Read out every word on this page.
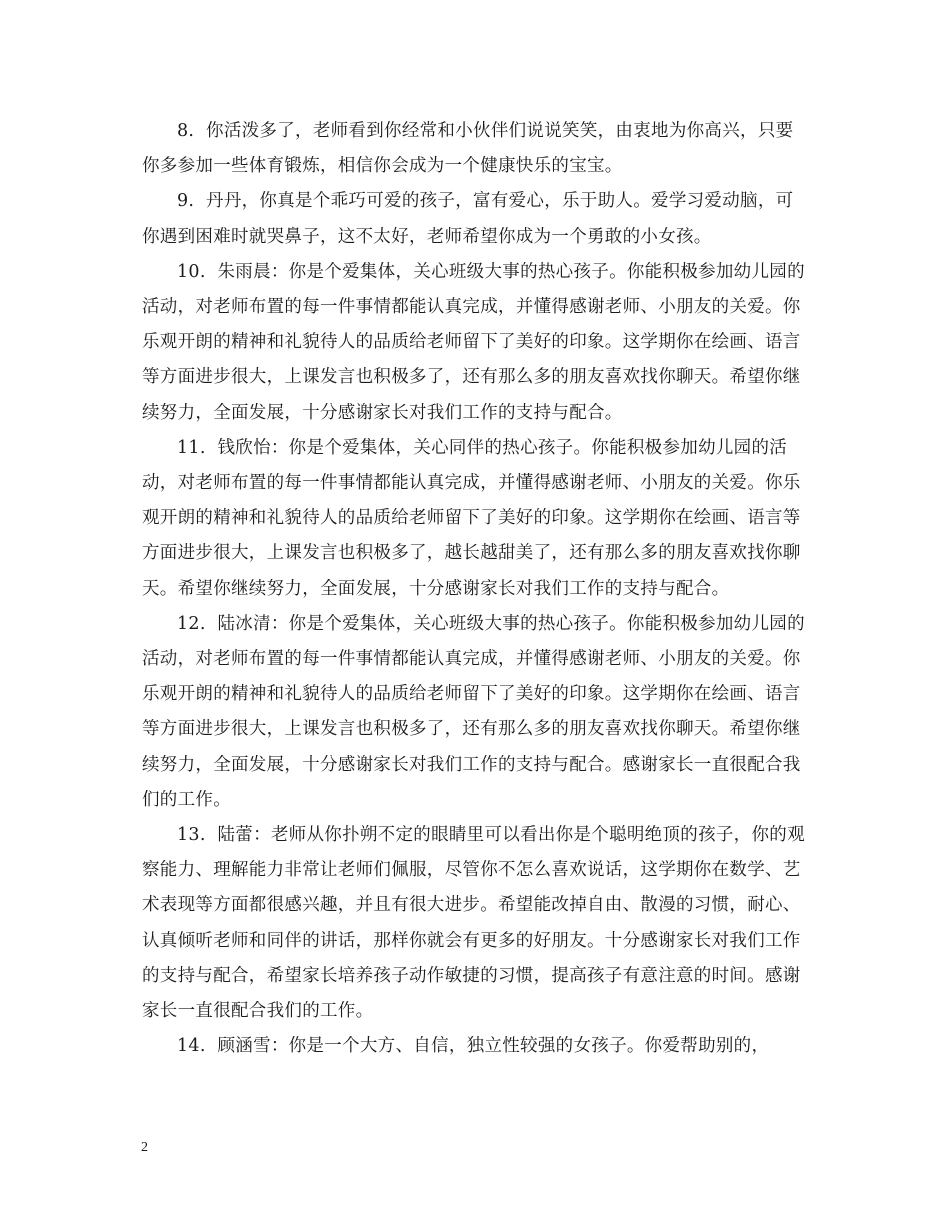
8. 你活泼多了，老师看到你经常和小伙伴们说说笑笑，由衷地为你高兴，只要你多参加一些体育锻炼，相信你会成为一个健康快乐的宝宝。

9. 丹丹，你真是个乖巧可爱的孩子，富有爱心，乐于助人。爱学习爱动脑，可你遇到困难时就哭鼻子，这不太好，老师希望你成为一个勇敢的小女孩。

10. 朱雨晨：你是个爱集体，关心班级大事的热心孩子。你能积极参加幼儿园的活动，对老师布置的每一件事情都能认真完成，并懂得感谢老师、小朋友的关爱。你乐观开朗的精神和礼貌待人的品质给老师留下了美好的印象。这学期你在绘画、语言等方面进步很大，上课发言也积极多了，还有那么多的朋友喜欢找你聊天。希望你继续努力，全面发展，十分感谢家长对我们工作的支持与配合。

11. 钱欣怡：你是个爱集体，关心同伴的热心孩子。你能积极参加幼儿园的活动，对老师布置的每一件事情都能认真完成，并懂得感谢老师、小朋友的关爱。你乐观开朗的精神和礼貌待人的品质给老师留下了美好的印象。这学期你在绘画、语言等方面进步很大，上课发言也积极多了，越长越甜美了，还有那么多的朋友喜欢找你聊天。希望你继续努力，全面发展，十分感谢家长对我们工作的支持与配合。

12. 陆冰清：你是个爱集体，关心班级大事的热心孩子。你能积极参加幼儿园的活动，对老师布置的每一件事情都能认真完成，并懂得感谢老师、小朋友的关爱。你乐观开朗的精神和礼貌待人的品质给老师留下了美好的印象。这学期你在绘画、语言等方面进步很大，上课发言也积极多了，还有那么多的朋友喜欢找你聊天。希望你继续努力，全面发展，十分感谢家长对我们工作的支持与配合。感谢家长一直很配合我们的工作。

13. 陆蕾：老师从你扑朔不定的眼睛里可以看出你是个聪明绝顶的孩子，你的观察能力、理解能力非常让老师们佩服，尽管你不怎么喜欢说话，这学期你在数学、艺术表现等方面都很感兴趣，并且有很大进步。希望能改掉自由、散漫的习惯，耐心、认真倾听老师和同伴的讲话，那样你就会有更多的好朋友。十分感谢家长对我们工作的支持与配合，希望家长培养孩子动作敏捷的习惯，提高孩子有意注意的时间。感谢家长一直很配合我们的工作。

14. 顾涵雪：你是一个大方、自信，独立性较强的女孩子。你爱帮助别的，

2
